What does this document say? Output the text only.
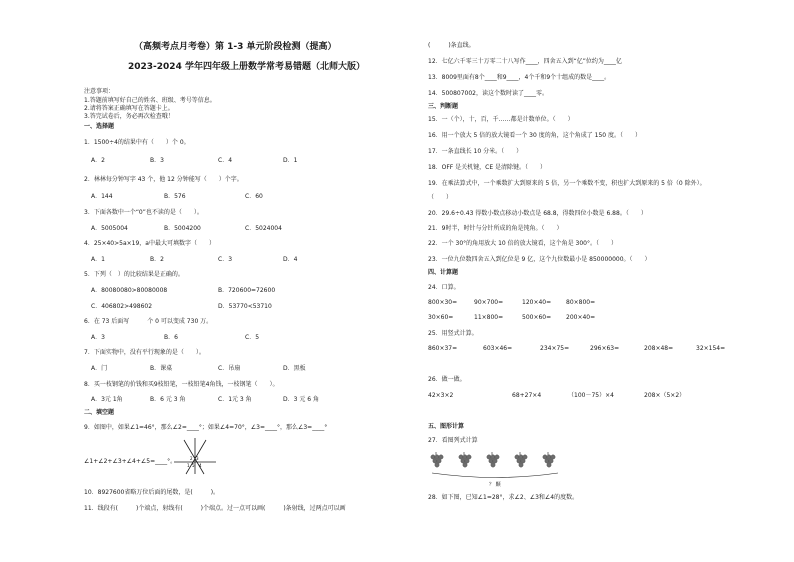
（高频考点月考卷）第 1-3 单元阶段检测（提高）
2023-2024 学年四年级上册数学常考易错题（北师大版）
注意事项：
1.答题前填写好自己的姓名、班级、考号等信息。
2.请将答案正确填写在答题卡上。
3.答完试卷后，务必再次检查哦！
一、选择题
1．1500÷4的结果中有（　　）个 0。
A．2	B．3	C．4	D．1
2．林林每分钟写字 43 个，他 12 分钟能写（　　）个字。
A．144	B．576	C．60
3．下面各数中一个“0”也不读的是（　　）。
A．5005004	B．5004200	C．5024004
4．25×40>5a×19，a中最大可填数字（　　）
A．1	B．2	C．3	D．4
5．下列（　）的比较结果是正确的。
A．80080080>80080008	B．720600=72600
C．406802>498602	D．53770<53710
6．在 73 后面写　　　个 0 可以变成 730 万。
A．3	B．6	C．5
7．下面实物中，没有平行现象的是（　　）。
A．门	B．课桌	C．吊扇	D．黑板
8．买一枝钢笔的价钱和买9枝铅笔，一枝铅笔4角钱，一枝钢笔（　　）。
A．3元 1角	B．6 元 3 角	C．1元 3 角	D．3 元 6 角
二、填空题
9．如图中，如果∠1=46°，那么∠2=____°；如果∠4=70°，∠3=____°，那么∠3=____°
∠1+∠2+∠3+∠4+∠5=____°。	2 3
4
5
1
10．8927600省略万位后面的尾数，是(　　　)。
11．线段有(　　　)个端点，射线有(　　　)个端点。过一点可以画(　　　)条射线，过两点可以画
(　　　)条直线。
12．七亿六千零三十万零二十八写作____，四舍五入到“亿”位约为____亿
13．8009里面有8个____和9____，4个千和9个十组成的数是____。
14．500807002，读这个数时读了____零。
三、判断题
15．一（个），十，百，千……都是计数单位。（　　）
16．用一个放大 5 倍的放大镜看一个 30 度的角，这个角成了 150 度。（　　）
17．一条直线长 10 分米。（　　）
18．OFF 是关机键，CE 是清除键。（　　）
19．在乘法算式中，一个乘数扩大到原来的 5 倍，另一个乘数不变，积也扩大到原来的 5 倍（0 除外）。
（　　）
20．29.6÷0.43 得数小数点移动小数点是 68.8，得数四位小数是 6.88。（　　）
21．9时半，时针与分针所成的角是钝角。（　　）
22．一个 30°的角用放大 10 倍的放大镜看，这个角是 300°。（　　）
23．一位九位数四舍五入到亿位是 9 亿，这个九位数最小是 850000000。（　　）
四、计算题
24．口算。
800×30=	90×700=	120×40= 80×800=
30×60=	11×800=	500×60= 200×40=
25．用竖式计算。
860×37=	603×46=	234×75=	296×63=	208×48=	32×154=
26．做一做。
42×3×2	68+27×4	（100－75）×4	208×（5×2）
五、图形计算
27．看图列式计算
？ 颗
28．如下图，已知∠1=28°，求∠2、∠3和∠4的度数。
